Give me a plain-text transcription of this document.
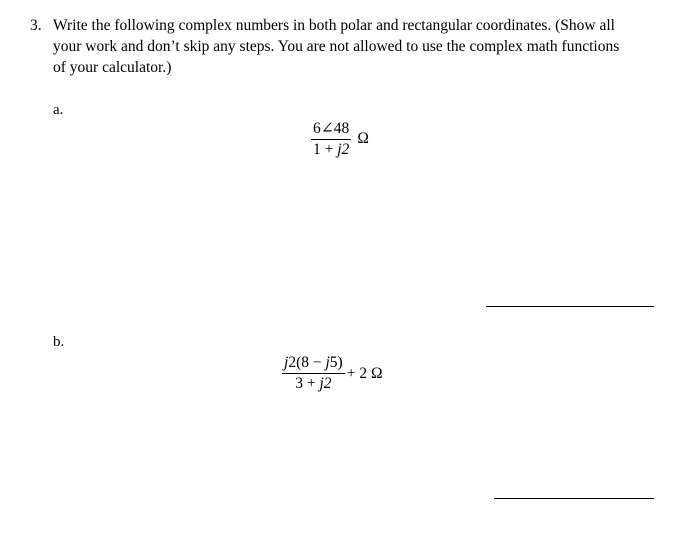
3. Write the following complex numbers in both polar and rectangular coordinates. (Show all
your work and don’t skip any steps. You are not allowed to use the complex math functions
of your calculator.)
a.
$\frac{6\angle 48}{1 + j2}$ Ω
b.
$\frac{j2(8 - j5)}{3 + j2} + 2$ Ω
